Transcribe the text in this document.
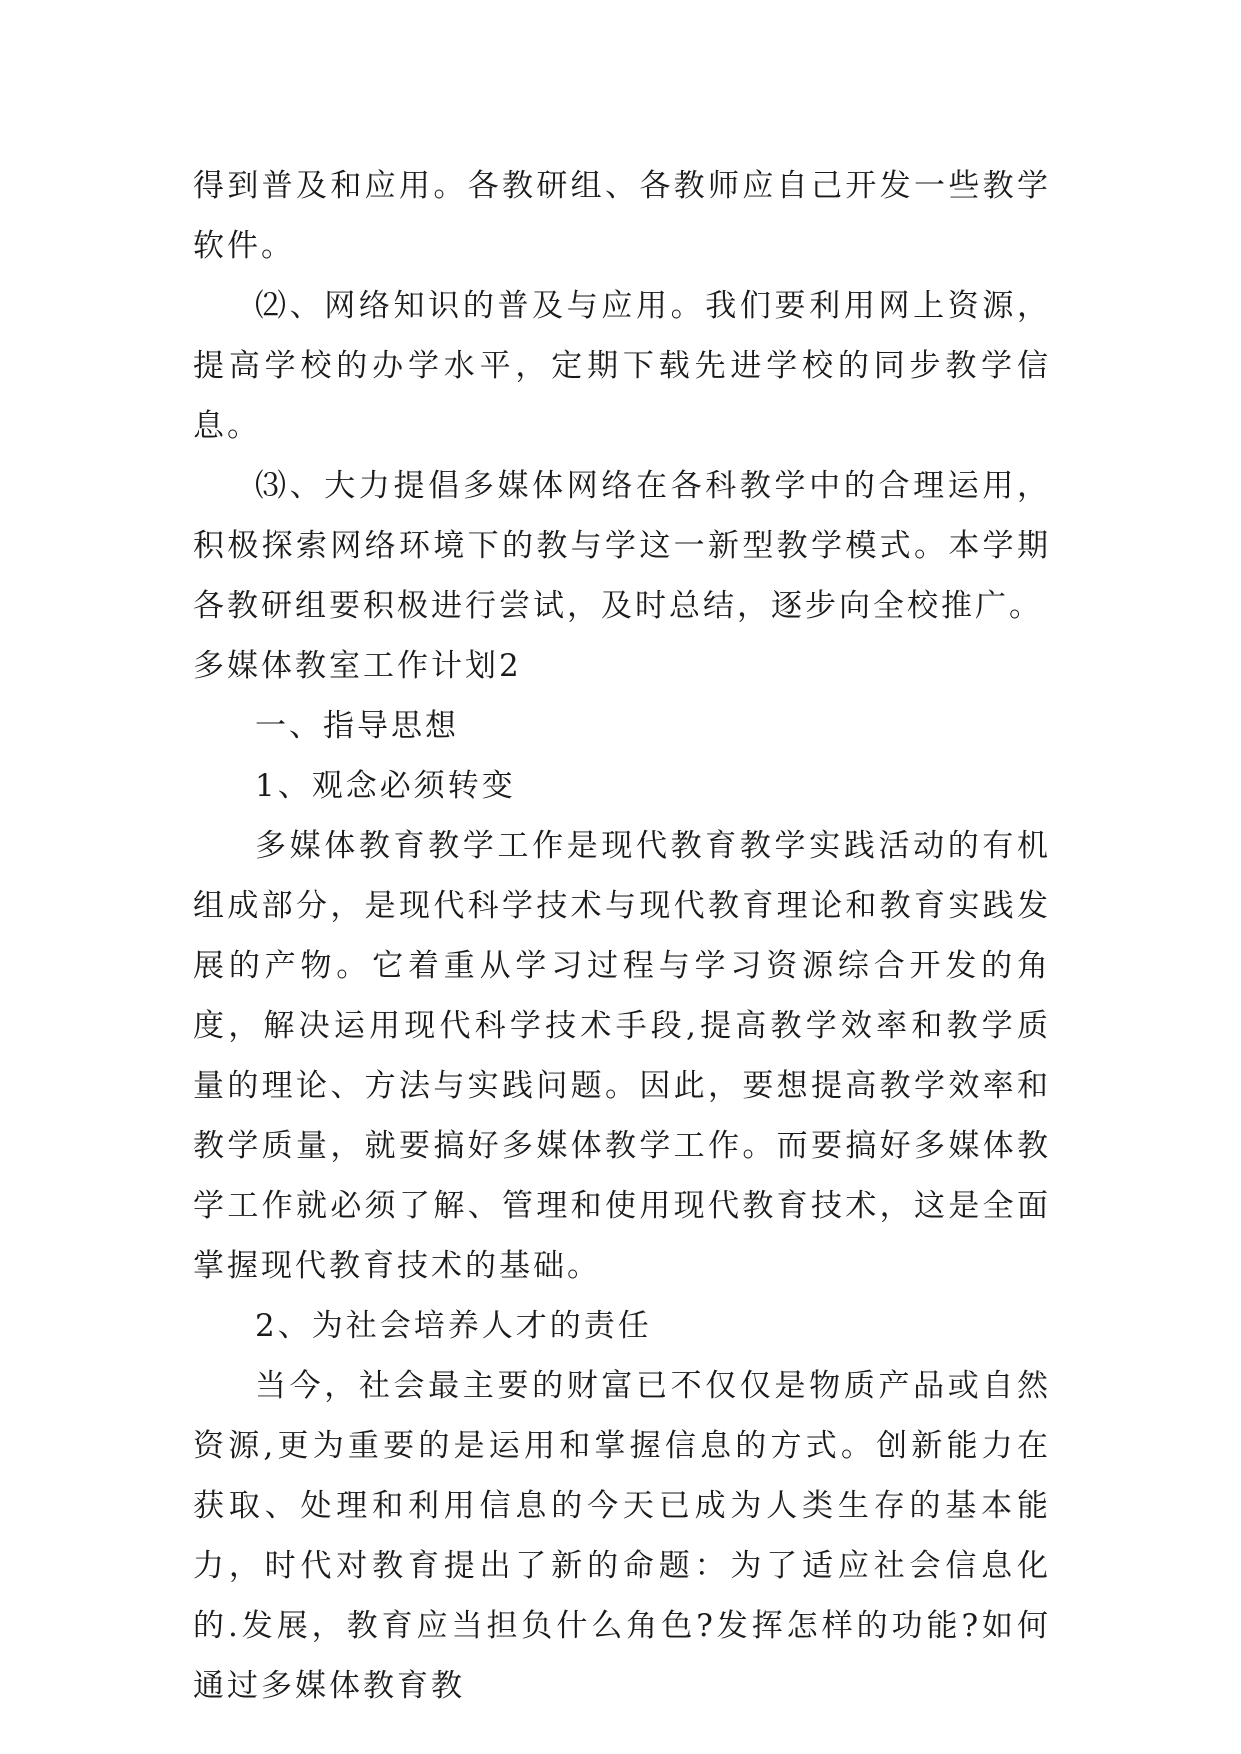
得到普及和应用。各教研组、各教师应自己开发一些教学软件。

⑵、网络知识的普及与应用。我们要利用网上资源，提高学校的办学水平，定期下载先进学校的同步教学信息。

⑶、大力提倡多媒体网络在各科教学中的合理运用，积极探索网络环境下的教与学这一新型教学模式。本学期各教研组要积极进行尝试，及时总结，逐步向全校推广。

多媒体教室工作计划2

一、指导思想

1、观念必须转变

多媒体教育教学工作是现代教育教学实践活动的有机组成部分，是现代科学技术与现代教育理论和教育实践发展的产物。它着重从学习过程与学习资源综合开发的角度，解决运用现代科学技术手段,提高教学效率和教学质量的理论、方法与实践问题。因此，要想提高教学效率和教学质量，就要搞好多媒体教学工作。而要搞好多媒体教学工作就必须了解、管理和使用现代教育技术，这是全面掌握现代教育技术的基础。

2、为社会培养人才的责任

当今，社会最主要的财富已不仅仅是物质产品或自然资源,更为重要的是运用和掌握信息的方式。创新能力在获取、处理和利用信息的今天已成为人类生存的基本能力，时代对教育提出了新的命题：为了适应社会信息化的.发展，教育应当担负什么角色?发挥怎样的功能?如何通过多媒体教育教
